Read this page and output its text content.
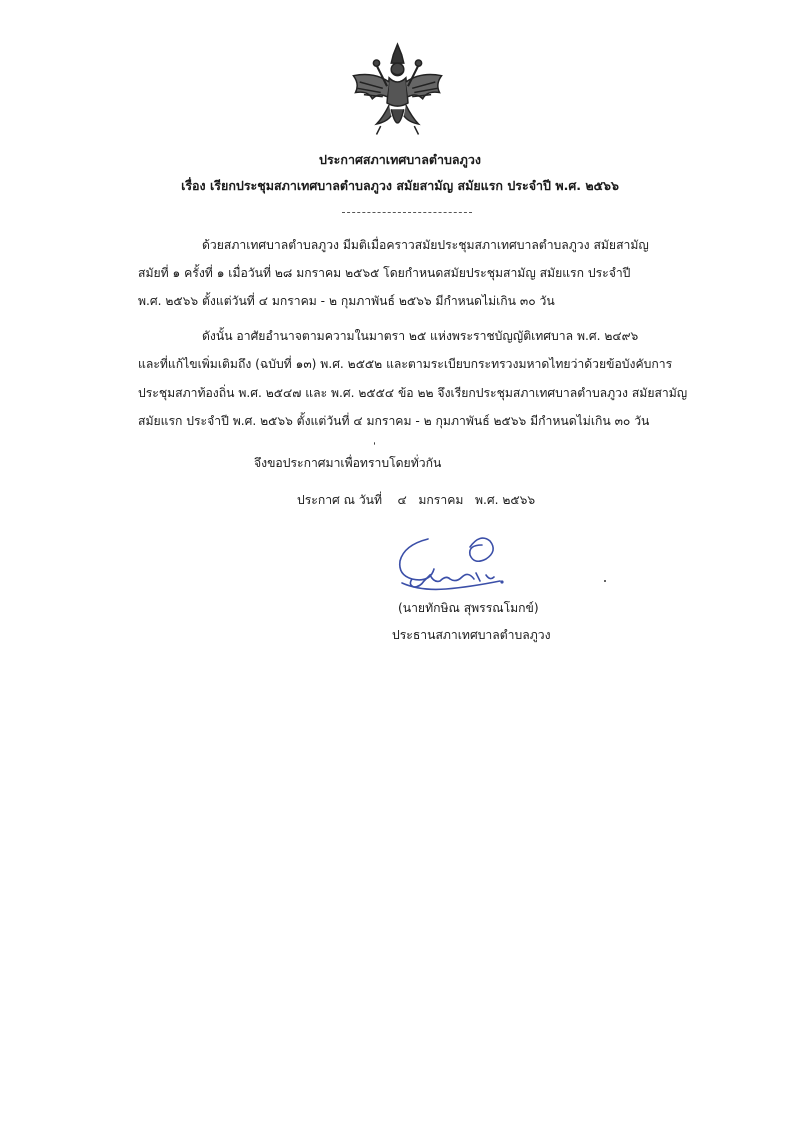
ประกาศสภาเทศบาลตำบลภูวง
เรื่อง เรียกประชุมสภาเทศบาลตำบลภูวง สมัยสามัญ สมัยแรก ประจำปี พ.ศ. ๒๕๖๖
ด้วยสภาเทศบาลตำบลภูวง มีมติเมื่อคราวสมัยประชุมสภาเทศบาลตำบลภูวง สมัยสามัญ
สมัยที่ ๑ ครั้งที่ ๑ เมื่อวันที่ ๒๘ มกราคม ๒๕๖๕ โดยกำหนดสมัยประชุมสามัญ สมัยแรก ประจำปี
พ.ศ. ๒๕๖๖ ตั้งแต่วันที่ ๔ มกราคม - ๒ กุมภาพันธ์ ๒๕๖๖ มีกำหนดไม่เกิน ๓๐ วัน
ดังนั้น อาศัยอำนาจตามความในมาตรา ๒๕ แห่งพระราชบัญญัติเทศบาล พ.ศ. ๒๔๙๖
และที่แก้ไขเพิ่มเติมถึง (ฉบับที่ ๑๓) พ.ศ. ๒๕๕๒ และตามระเบียบกระทรวงมหาดไทยว่าด้วยข้อบังคับการ
ประชุมสภาท้องถิ่น พ.ศ. ๒๕๔๗ และ พ.ศ. ๒๕๕๔ ข้อ ๒๒ จึงเรียกประชุมสภาเทศบาลตำบลภูวง สมัยสามัญ
สมัยแรก ประจำปี พ.ศ. ๒๕๖๖ ตั้งแต่วันที่ ๔ มกราคม - ๒ กุมภาพันธ์ ๒๕๖๖ มีกำหนดไม่เกิน ๓๐ วัน
จึงขอประกาศมาเพื่อทราบโดยทั่วกัน
ประกาศ ณ วันที่    ๔   มกราคม   พ.ศ. ๒๕๖๖
(นายทักษิณ สุพรรณโมกข์)
ประธานสภาเทศบาลตำบลภูวง
